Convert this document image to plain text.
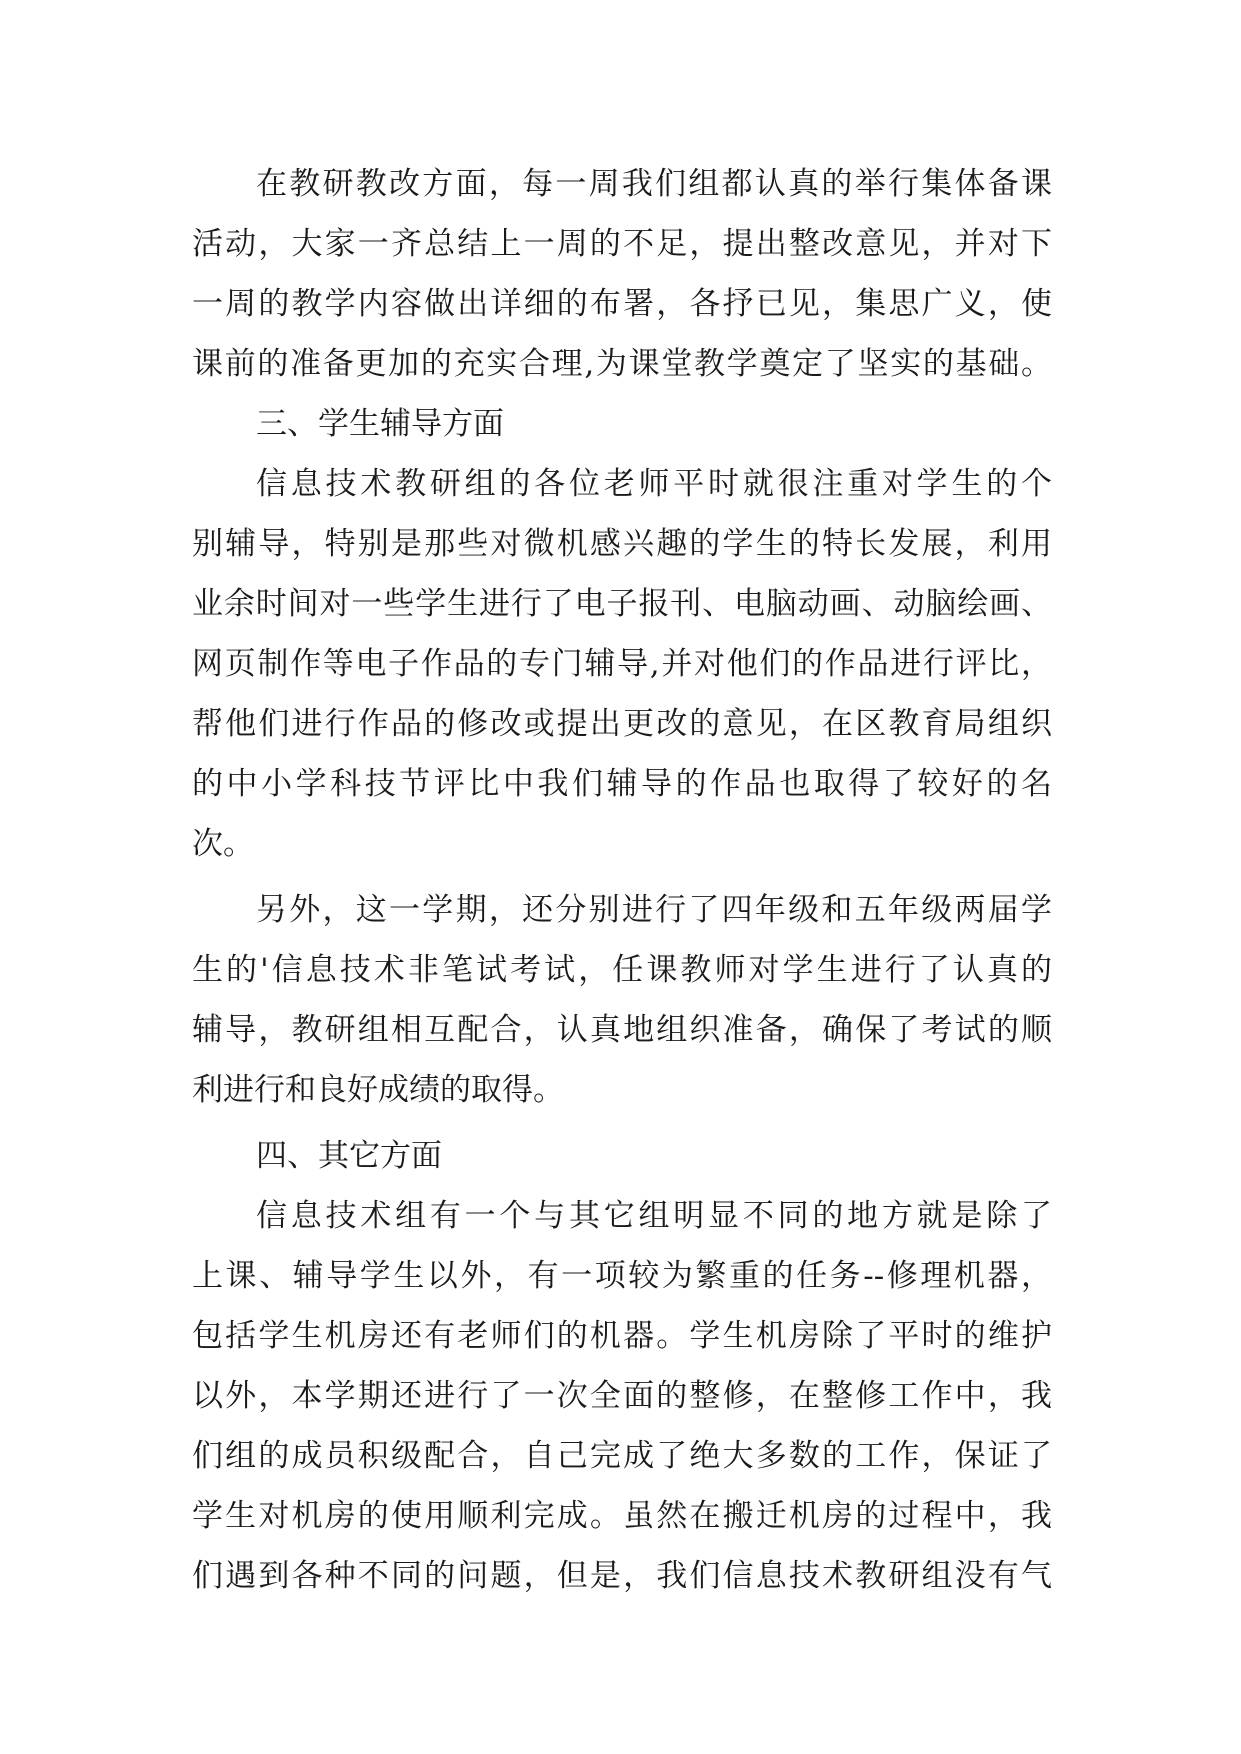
在教研教改方面，每一周我们组都认真的举行集体备课
活动，大家一齐总结上一周的不足，提出整改意见，并对下
一周的教学内容做出详细的布署，各抒已见，集思广义，使
课前的准备更加的充实合理,为课堂教学奠定了坚实的基础。
三、学生辅导方面
信息技术教研组的各位老师平时就很注重对学生的个
别辅导，特别是那些对微机感兴趣的学生的特长发展，利用
业余时间对一些学生进行了电子报刊、电脑动画、动脑绘画、
网页制作等电子作品的专门辅导,并对他们的作品进行评比，
帮他们进行作品的修改或提出更改的意见，在区教育局组织
的中小学科技节评比中我们辅导的作品也取得了较好的名
次。
另外，这一学期，还分别进行了四年级和五年级两届学
生的'信息技术非笔试考试，任课教师对学生进行了认真的
辅导，教研组相互配合，认真地组织准备，确保了考试的顺
利进行和良好成绩的取得。
四、其它方面
信息技术组有一个与其它组明显不同的地方就是除了
上课、辅导学生以外，有一项较为繁重的任务--修理机器，
包括学生机房还有老师们的机器。学生机房除了平时的维护
以外，本学期还进行了一次全面的整修，在整修工作中，我
们组的成员积级配合，自己完成了绝大多数的工作，保证了
学生对机房的使用顺利完成。虽然在搬迁机房的过程中，我
们遇到各种不同的问题，但是，我们信息技术教研组没有气
